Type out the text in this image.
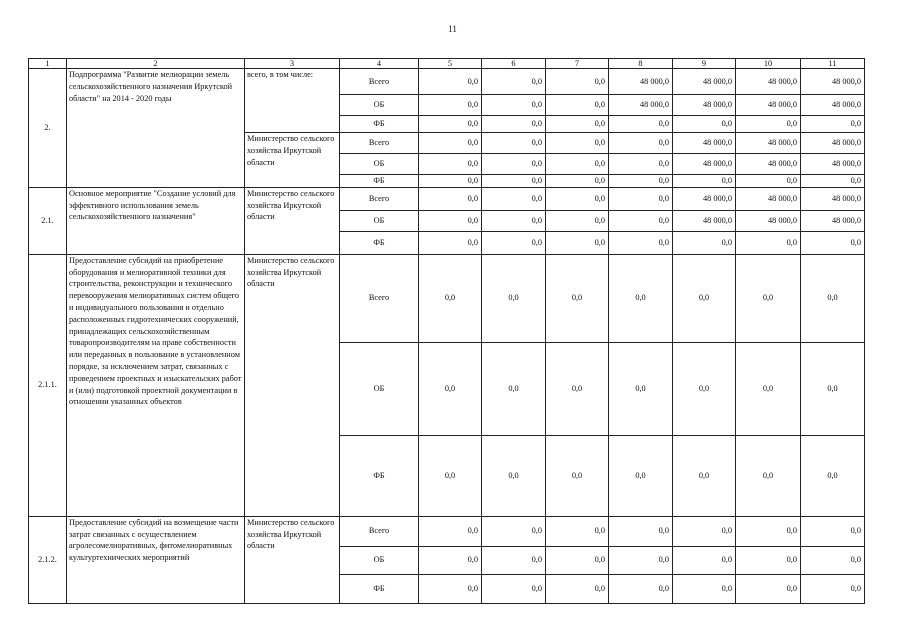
11
1	2	3	4	5	6	7	8	9	10	11
2.	Подпрограмма "Развитие мелиорации земель сельскохозяйственного назначения Иркутской области" на 2014 - 2020 годы	всего, в том числе:	Всего	0,0	0,0	0,0	48 000,0	48 000,0	48 000,0	48 000,0
			ОБ	0,0	0,0	0,0	48 000,0	48 000,0	48 000,0	48 000,0
			ФБ	0,0	0,0	0,0	0,0	0,0	0,0	0,0
		Министерство сельского хозяйства Иркутской области	Всего	0,0	0,0	0,0	0,0	48 000,0	48 000,0	48 000,0
			ОБ	0,0	0,0	0,0	0,0	48 000,0	48 000,0	48 000,0
			ФБ	0,0	0,0	0,0	0,0	0,0	0,0	0,0
2.1.	Основное мероприятие "Создание условий для эффективного использования земель сельскохозяйственного назначения"	Министерство сельского хозяйства Иркутской области	Всего	0,0	0,0	0,0	0,0	48 000,0	48 000,0	48 000,0
			ОБ	0,0	0,0	0,0	0,0	48 000,0	48 000,0	48 000,0
			ФБ	0,0	0,0	0,0	0,0	0,0	0,0	0,0
2.1.1.	Предоставление субсидий на приобретение оборудования и мелиоративной техники для строительства, реконструкции и технического перевооружения мелиоративных систем общего и индивидуального пользования и отдельно расположенных гидротехнических сооружений, принадлежащих сельскохозяйственным товаропроизводителям на праве собственности или переданных в пользование в установленном порядке, за исключением затрат, связанных с проведением проектных и изыскательских работ и (или) подготовкой проектной документации в отношении указанных объектов	Министерство сельского хозяйства Иркутской области	Всего	0,0	0,0	0,0	0,0	0,0	0,0	0,0
			ОБ	0,0	0,0	0,0	0,0	0,0	0,0	0,0
			ФБ	0,0	0,0	0,0	0,0	0,0	0,0	0,0
2.1.2.	Предоставление субсидий на возмещение части затрат связанных с осуществлением агролесомелиоративных, фитомелиоративных культуртехнических мероприятий	Министерство сельского хозяйства Иркутской области	Всего	0,0	0,0	0,0	0,0	0,0	0,0	0,0
			ОБ	0,0	0,0	0,0	0,0	0,0	0,0	0,0
			ФБ	0,0	0,0	0,0	0,0	0,0	0,0	0,0
